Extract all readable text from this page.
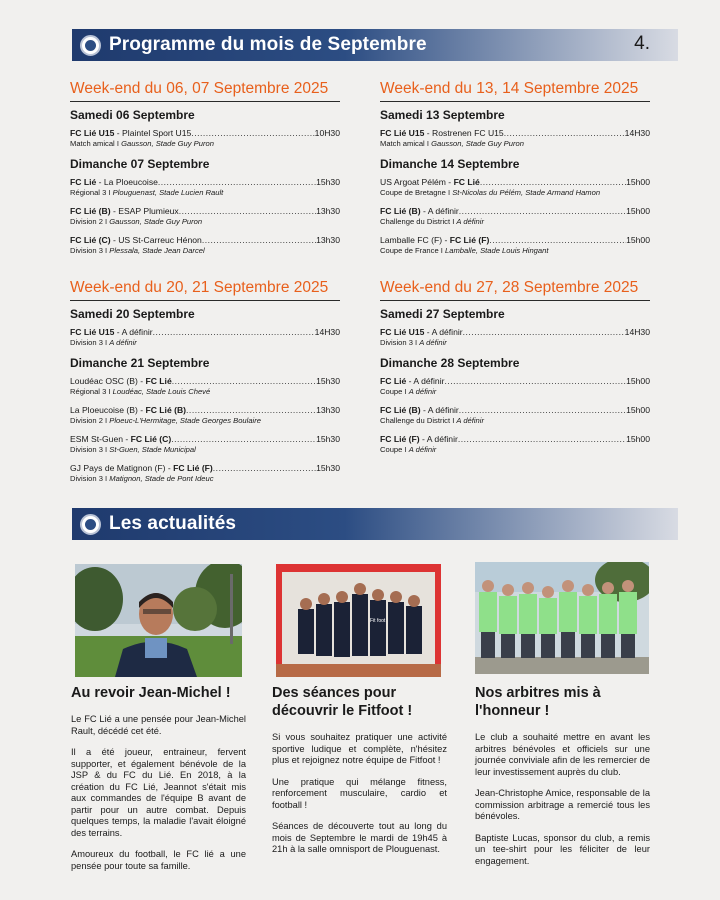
Programme du mois de Septembre	4.
Week-end du 06, 07 Septembre 2025
Samedi 06 Septembre
FC Lié U15 - Plaintel Sport U15 .....	10H30
Match amical I Gausson, Stade Guy Puron
Dimanche 07 Septembre
FC Lié - La Ploeucoise .....	15h30
Régional 3 I Plouguenast, Stade Lucien Rault
FC Lié (B) - ESAP Plumieux .....	13h30
Division 2 I Gausson, Stade Guy Puron
FC Lié (C) - US St-Carreuc Hénon .....	13h30
Division 3 I Plessala, Stade Jean Darcel
Week-end du 13, 14 Septembre 2025
Samedi 13 Septembre
FC Lié U15 - Rostrenen FC U15 .....	14H30
Match amical I Gausson, Stade Guy Puron
Dimanche 14 Septembre
US Argoat Pélém - FC Lié .....	15h00
Coupe de Bretagne I St-Nicolas du Pélém, Stade Armand Hamon
FC Lié (B) - A définir .....	15h00
Challenge du District I A définir
Lamballe FC (F) - FC Lié (F) .....	15h00
Coupe de France I Lamballe, Stade Louis Hingant
Week-end du 20, 21 Septembre 2025
Samedi 20 Septembre
FC Lié U15 - A définir .....	14H30
Division 3 I A définir
Dimanche 21 Septembre
Loudéac OSC (B) - FC Lié .....	15h30
Régional 3 I Loudéac, Stade Louis Chevé
La Ploeucoise (B) - FC Lié (B) .....	13h30
Division 2 I Ploeuc-L'Hermitage, Stade Georges Boulaire
ESM St-Guen - FC Lié (C) .....	15h30
Division 3 I St-Guen, Stade Municipal
GJ Pays de Matignon (F) - FC Lié (F) .....	15h30
Division 3 I Matignon, Stade de Pont Ideuc
Week-end du 27, 28 Septembre 2025
Samedi 27 Septembre
FC Lié U15 - A définir .....	14H30
Division 3 I A définir
Dimanche 28 Septembre
FC Lié - A définir .....	15h00
Coupe I A définir
FC Lié (B) - A définir .....	15h00
Challenge du District I A définir
FC Lié (F) - A définir .....	15h00
Coupe I A définir
Les actualités
Fit foot
Au revoir Jean-Michel !

Le FC Lié a une pensée pour Jean-Michel Rault, décédé cet été.

Il a été joueur, entraineur, fervent supporter, et également bénévole de la JSP & du FC du Lié. En 2018, à la création du FC Lié, Jeannot s'était mis aux commandes de l'équipe B avant de partir pour un autre combat. Depuis quelques temps, la maladie l'avait éloigné des terrains.

Amoureux du football, le FC lié a une pensée pour toute sa famille.

Des séances pour découvrir le Fitfoot !

Si vous souhaitez pratiquer une activité sportive ludique et complète, n'hésitez plus et rejoignez notre équipe de Fitfoot !

Une pratique qui mélange fitness, renforcement musculaire, cardio et football !

Séances de découverte tout au long du mois de Septembre le mardi de 19h45 à 21h à la salle omnisport de Plouguenast.

Nos arbitres mis à l'honneur !

Le club a souhaité mettre en avant les arbitres bénévoles et officiels sur une journée conviviale afin de les remercier de leur investissement auprès du club.

Jean-Christophe Amice, responsable de la commission arbitrage a remercié tous les bénévoles.

Baptiste Lucas, sponsor du club, a remis un tee-shirt pour les féliciter de leur engagement.
